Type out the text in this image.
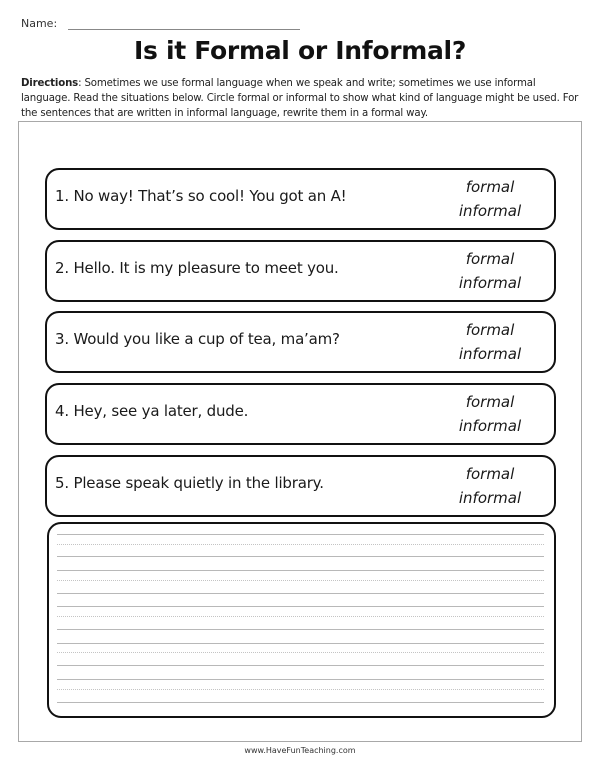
Name:
Is it Formal or Informal?
Directions: Sometimes we use formal language when we speak and write; sometimes we use informal language. Read the situations below. Circle formal or informal to show what kind of language might be used. For the sentences that are written in informal language, rewrite them in a formal way.
1. No way! That’s so cool! You got an A!	formal
informal
2. Hello. It is my pleasure to meet you.	formal
informal
3. Would you like a cup of tea, ma’am?	formal
informal
4. Hey, see ya later, dude.	formal
informal
5. Please speak quietly in the library.	formal
informal
www.HaveFunTeaching.com
